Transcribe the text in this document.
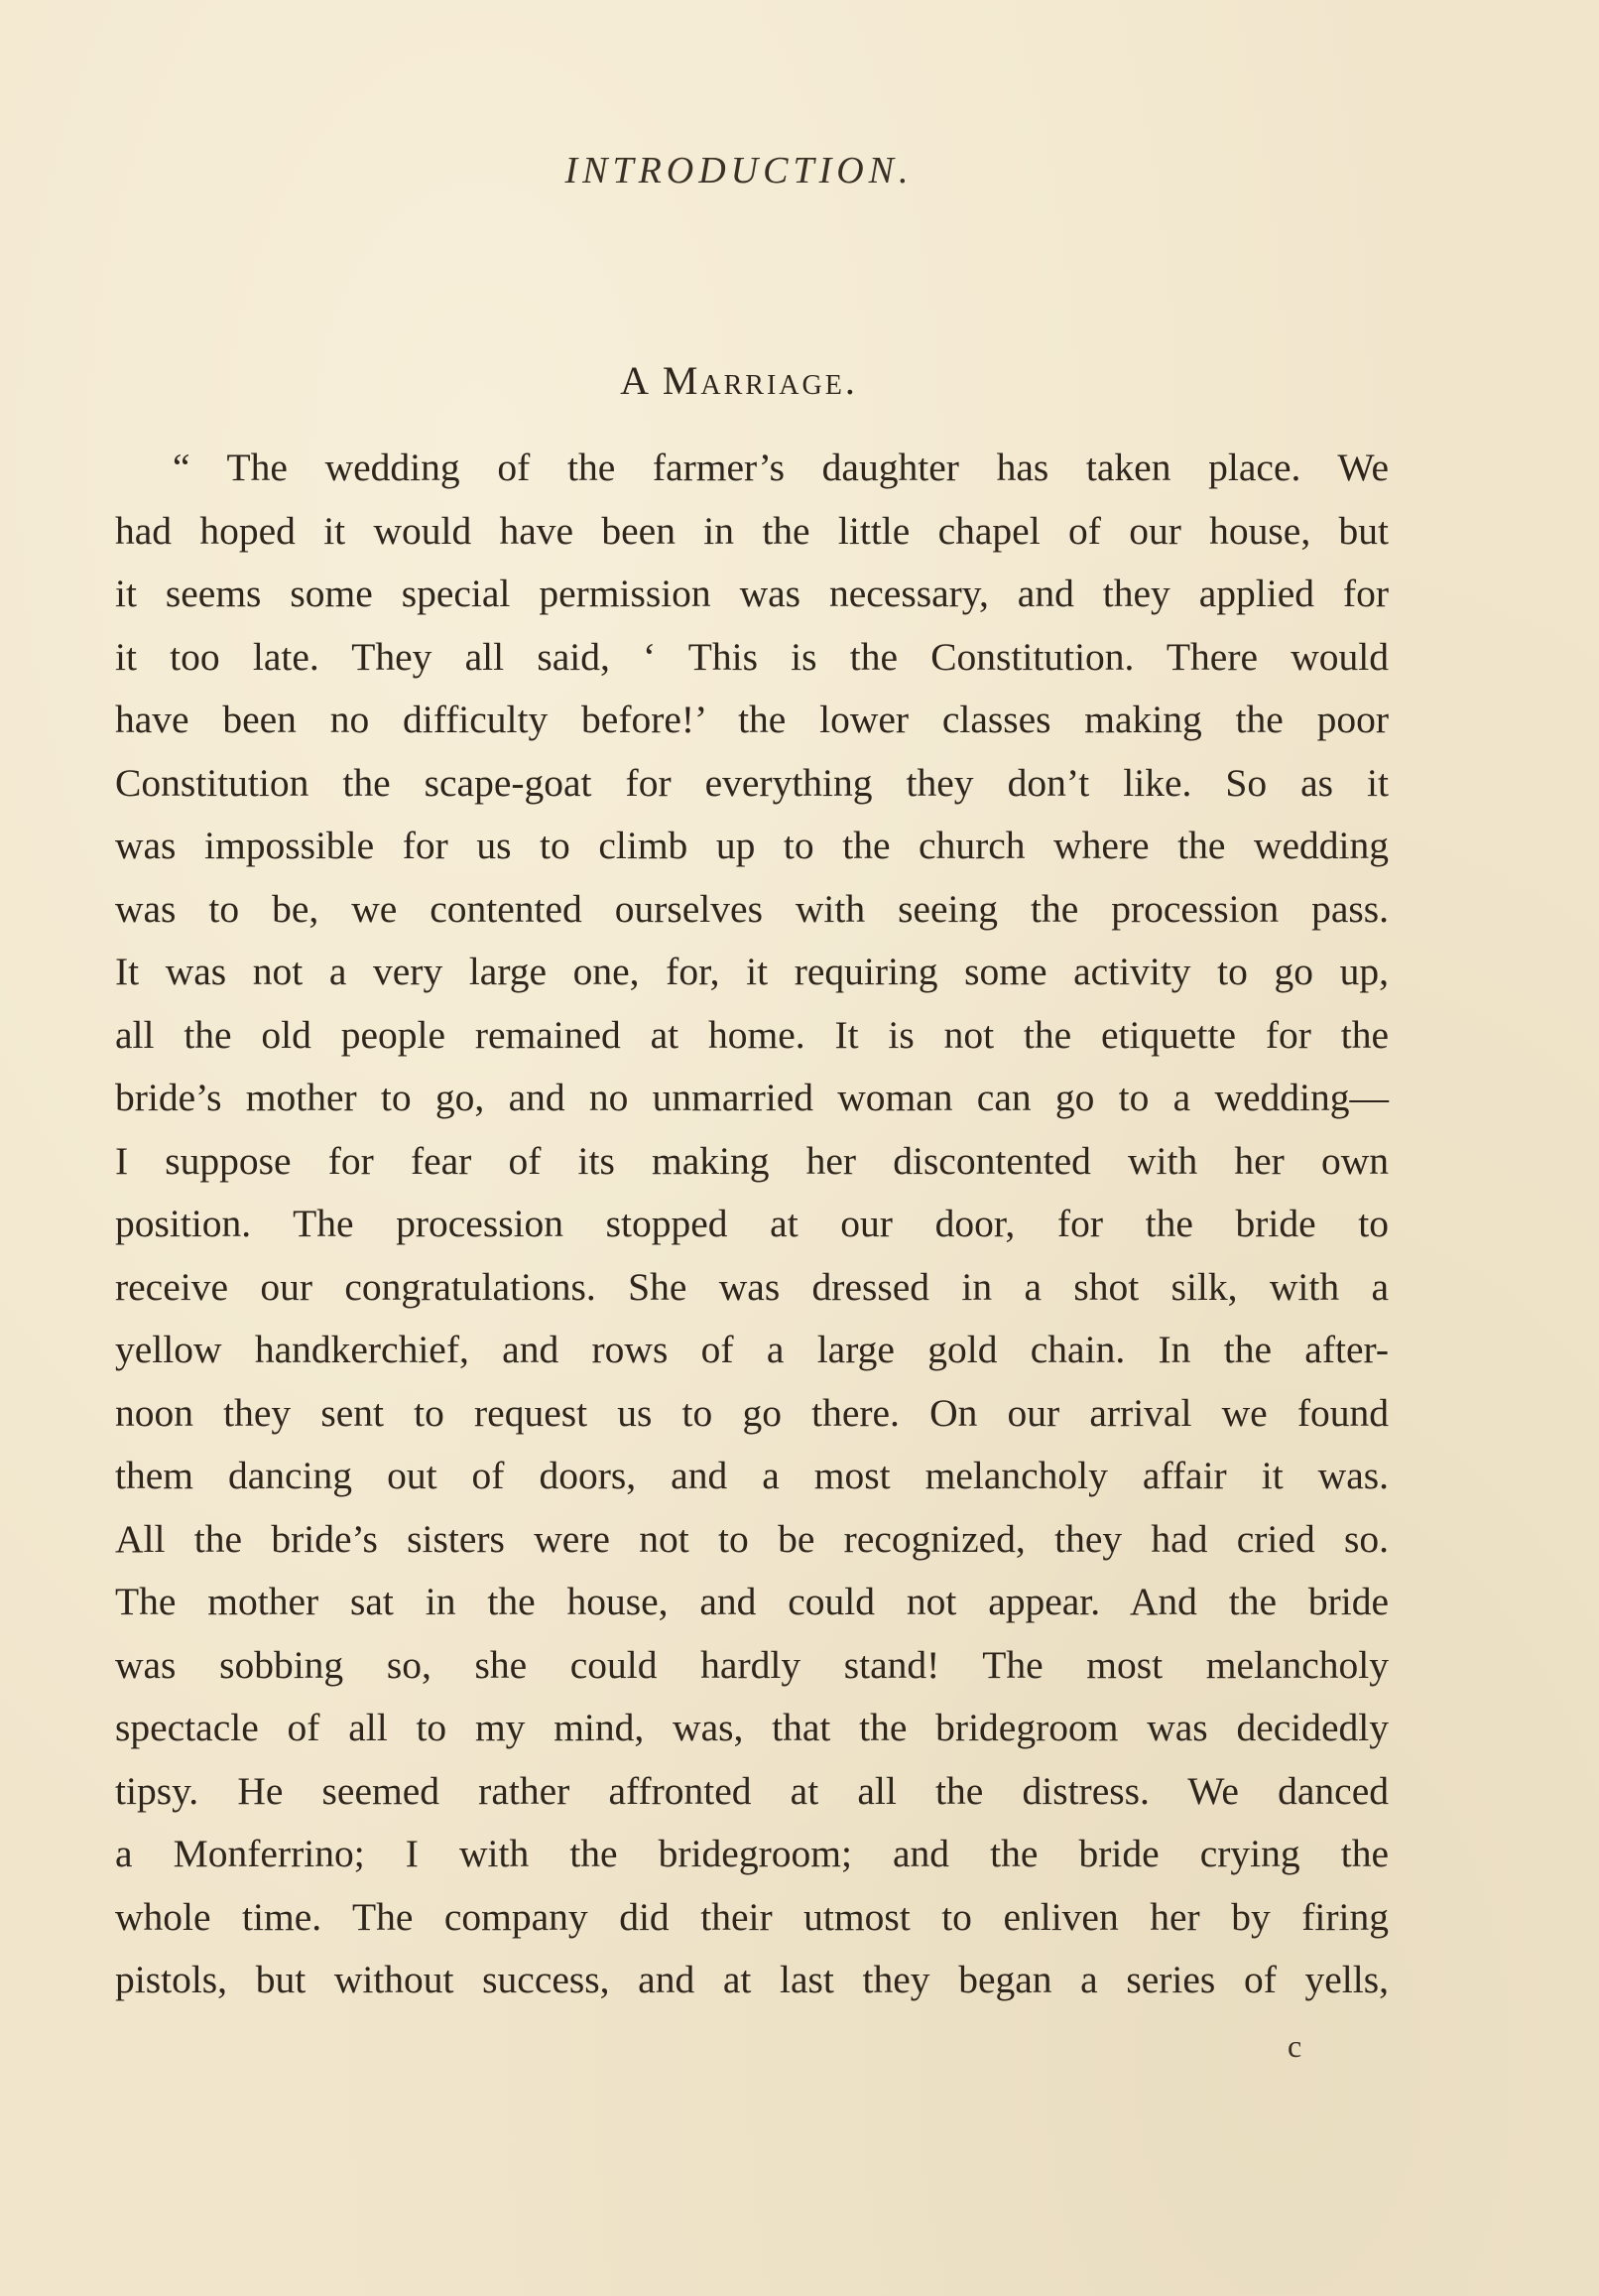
INTRODUCTION.
A Marriage.
“ The wedding of the farmer’s daughter has taken place. We
had hoped it would have been in the little chapel of our house, but
it seems some special permission was necessary, and they applied for
it too late. They all said, ‘ This is the Constitution. There would
have been no difficulty before!’ the lower classes making the poor
Constitution the scape-goat for everything they don’t like. So as it
was impossible for us to climb up to the church where the wedding
was to be, we contented ourselves with seeing the procession pass.
It was not a very large one, for, it requiring some activity to go up,
all the old people remained at home. It is not the etiquette for the
bride’s mother to go, and no unmarried woman can go to a wedding—
I suppose for fear of its making her discontented with her own
position. The procession stopped at our door, for the bride to
receive our congratulations. She was dressed in a shot silk, with a
yellow handkerchief, and rows of a large gold chain. In the after-
noon they sent to request us to go there. On our arrival we found
them dancing out of doors, and a most melancholy affair it was.
All the bride’s sisters were not to be recognized, they had cried so.
The mother sat in the house, and could not appear. And the bride
was sobbing so, she could hardly stand! The most melancholy
spectacle of all to my mind, was, that the bridegroom was decidedly
tipsy. He seemed rather affronted at all the distress. We danced
a Monferrino; I with the bridegroom; and the bride crying the
whole time. The company did their utmost to enliven her by firing
pistols, but without success, and at last they began a series of yells,
c
